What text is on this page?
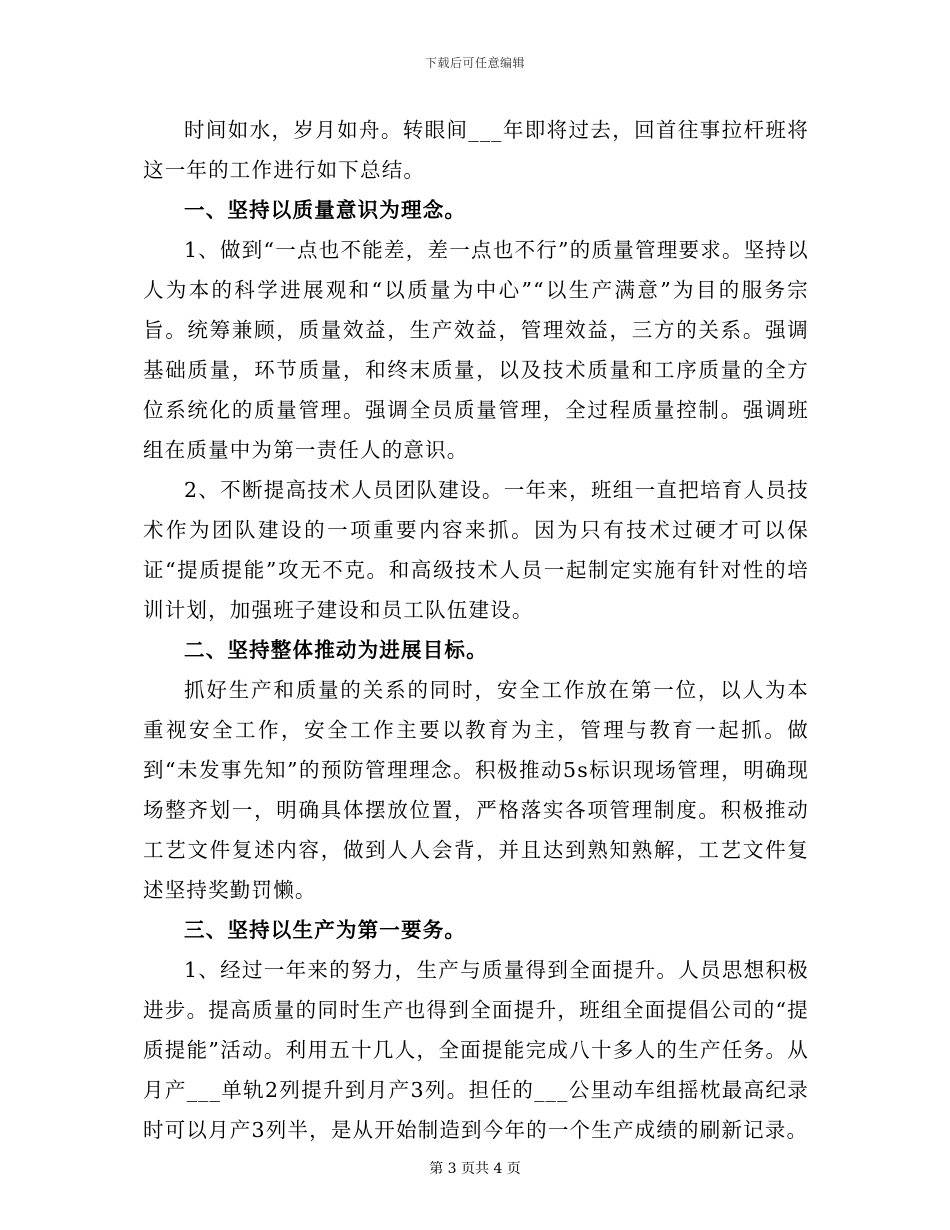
下载后可任意编辑

时间如水，岁月如舟。转眼间___年即将过去，回首往事拉杆班将这一年的工作进行如下总结。

一、坚持以质量意识为理念。

1、做到“一点也不能差，差一点也不行”的质量管理要求。坚持以人为本的科学进展观和“以质量为中心”“以生产满意”为目的服务宗旨。统筹兼顾，质量效益，生产效益，管理效益，三方的关系。强调基础质量，环节质量，和终末质量，以及技术质量和工序质量的全方位系统化的质量管理。强调全员质量管理，全过程质量控制。强调班组在质量中为第一责任人的意识。

2、不断提高技术人员团队建设。一年来，班组一直把培育人员技术作为团队建设的一项重要内容来抓。因为只有技术过硬才可以保证“提质提能”攻无不克。和高级技术人员一起制定实施有针对性的培训计划，加强班子建设和员工队伍建设。

二、坚持整体推动为进展目标。

抓好生产和质量的关系的同时，安全工作放在第一位，以人为本重视安全工作，安全工作主要以教育为主，管理与教育一起抓。做到“未发事先知”的预防管理理念。积极推动5s标识现场管理，明确现场整齐划一，明确具体摆放位置，严格落实各项管理制度。积极推动工艺文件复述内容，做到人人会背，并且达到熟知熟解，工艺文件复述坚持奖勤罚懒。

三、坚持以生产为第一要务。

1、经过一年来的努力，生产与质量得到全面提升。人员思想积极进步。提高质量的同时生产也得到全面提升，班组全面提倡公司的“提质提能”活动。利用五十几人，全面提能完成八十多人的生产任务。从月产___单轨2列提升到月产3列。担任的___公里动车组摇枕最高纪录时可以月产3列半，是从开始制造到今年的一个生产成绩的刷新记录。

第 3 页共 4 页
